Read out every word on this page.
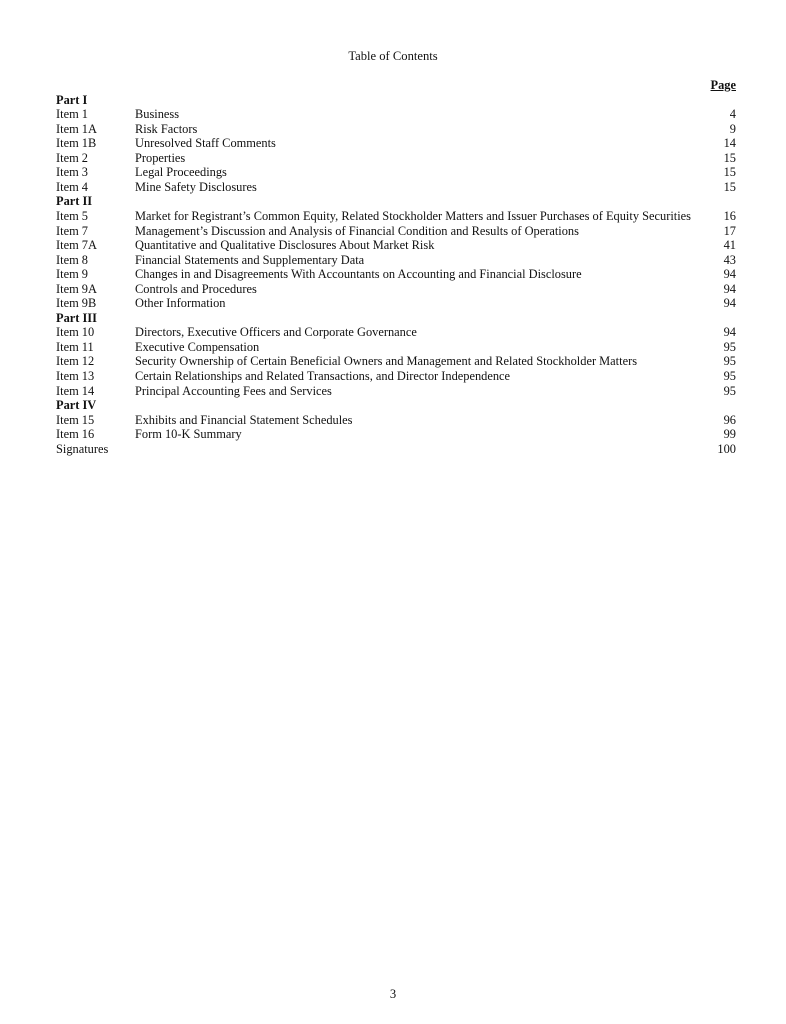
Table of Contents
Page
Part I
Item 1	Business	4
Item 1A	Risk Factors	9
Item 1B	Unresolved Staff Comments	14
Item 2	Properties	15
Item 3	Legal Proceedings	15
Item 4	Mine Safety Disclosures	15
Part II
Item 5	Market for Registrant’s Common Equity, Related Stockholder Matters and Issuer Purchases of Equity Securities	16
Item 7	Management’s Discussion and Analysis of Financial Condition and Results of Operations	17
Item 7A	Quantitative and Qualitative Disclosures About Market Risk	41
Item 8	Financial Statements and Supplementary Data	43
Item 9	Changes in and Disagreements With Accountants on Accounting and Financial Disclosure	94
Item 9A	Controls and Procedures	94
Item 9B	Other Information	94
Part III
Item 10	Directors, Executive Officers and Corporate Governance	94
Item 11	Executive Compensation	95
Item 12	Security Ownership of Certain Beneficial Owners and Management and Related Stockholder Matters	95
Item 13	Certain Relationships and Related Transactions, and Director Independence	95
Item 14	Principal Accounting Fees and Services	95
Part IV
Item 15	Exhibits and Financial Statement Schedules	96
Item 16	Form 10-K Summary	99
Signatures	100
3
